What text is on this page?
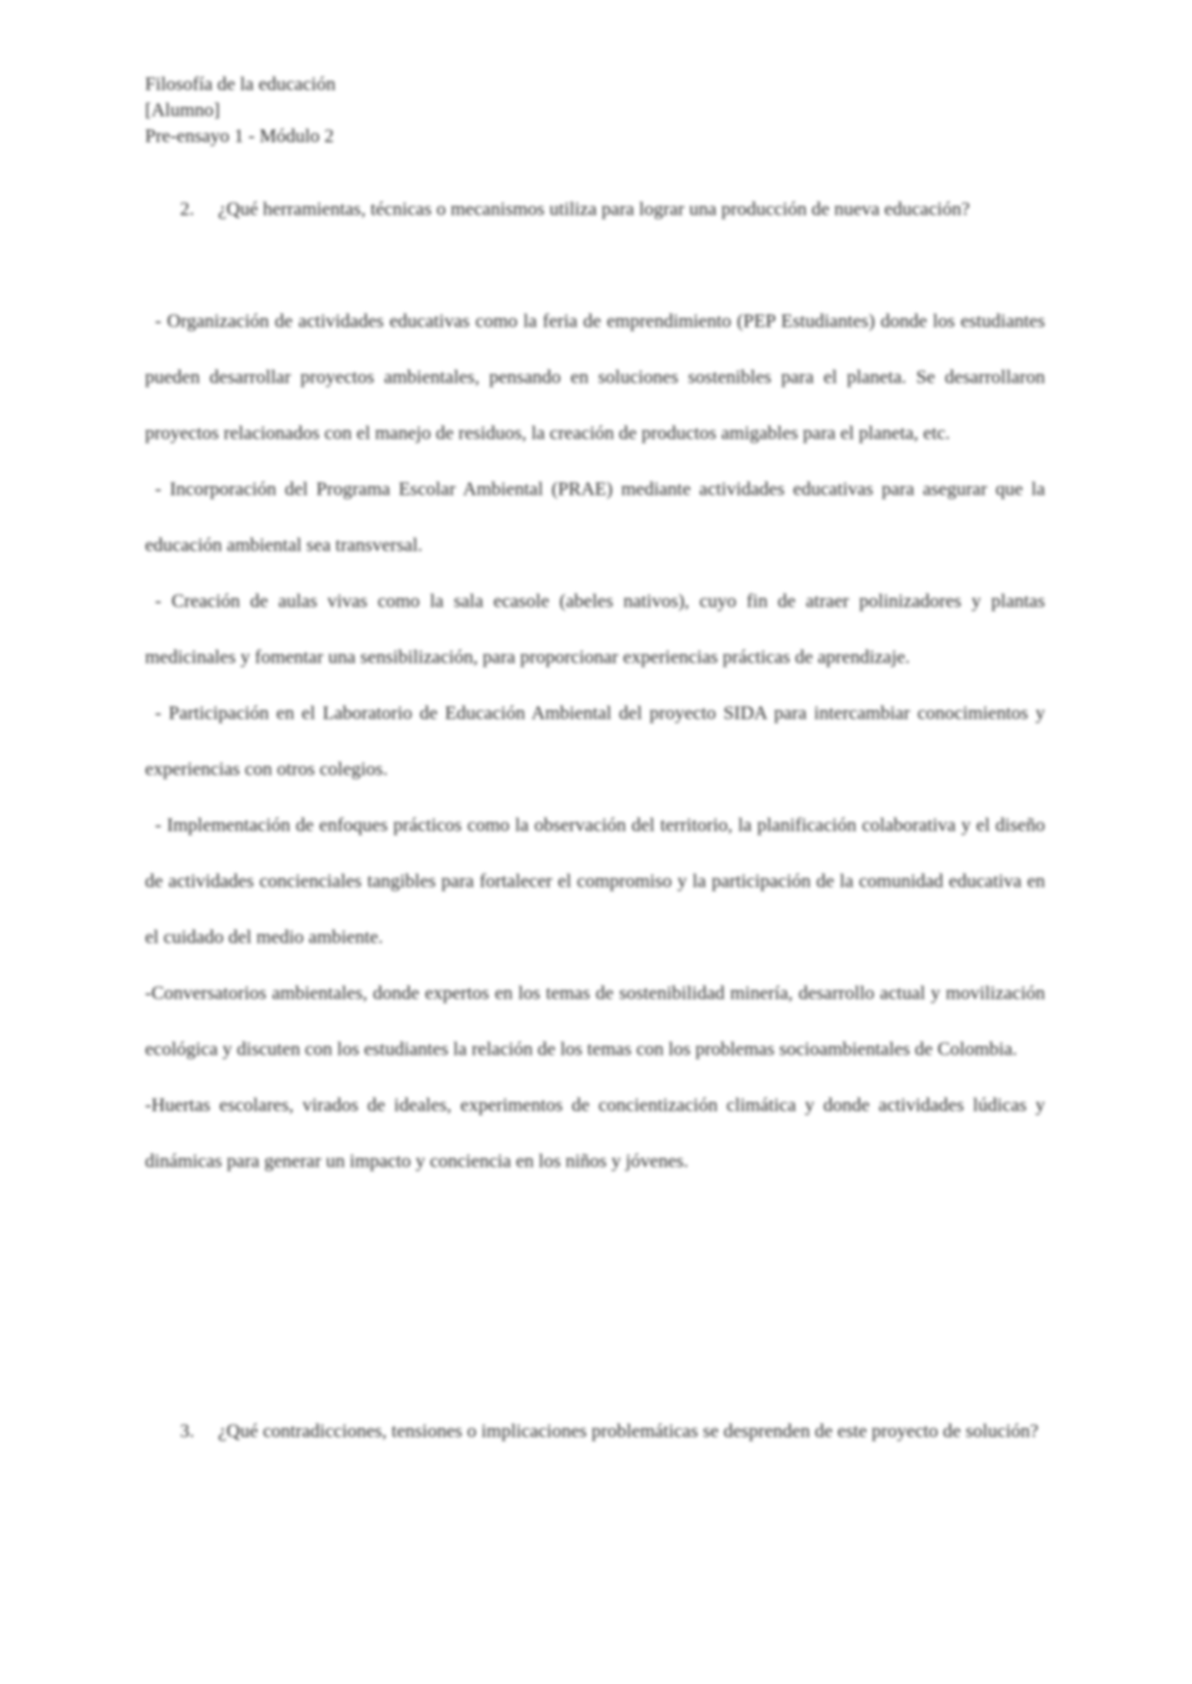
Filosofía de la educación
[Alumno]
Pre-ensayo 1 - Módulo 2
2. ¿Qué herramientas, técnicas o mecanismos utiliza para lograr una producción de nueva educación?

- Organización de actividades educativas como la feria de emprendimiento (PEP Estudiantes) donde los estudiantes pueden desarrollar proyectos ambientales, pensando en soluciones sostenibles para el planeta. Se desarrollaron proyectos relacionados con el manejo de residuos, la creación de productos amigables para el planeta, etc.

- Incorporación del Programa Escolar Ambiental (PRAE) mediante actividades educativas para asegurar que la educación ambiental sea transversal.

- Creación de aulas vivas como la sala ecasole (abeles nativos), cuyo fin de atraer polinizadores y plantas medicinales y fomentar una sensibilización, para proporcionar experiencias prácticas de aprendizaje.

- Participación en el Laboratorio de Educación Ambiental del proyecto SIDA para intercambiar conocimientos y experiencias con otros colegios.

- Implementación de enfoques prácticos como la observación del territorio, la planificación colaborativa y el diseño de actividades concienciales tangibles para fortalecer el compromiso y la participación de la comunidad educativa en el cuidado del medio ambiente.

-Conversatorios ambientales, donde expertos en los temas de sostenibilidad minería, desarrollo actual y movilización ecológica y discuten con los estudiantes la relación de los temas con los problemas socioambientales de Colombia.

-Huertas escolares, virados de ideales, experimentos de concientización climática y donde actividades lúdicas y dinámicas para generar un impacto y conciencia en los niños y jóvenes.

3. ¿Qué contradicciones, tensiones o implicaciones problemáticas se desprenden de este proyecto de solución?
